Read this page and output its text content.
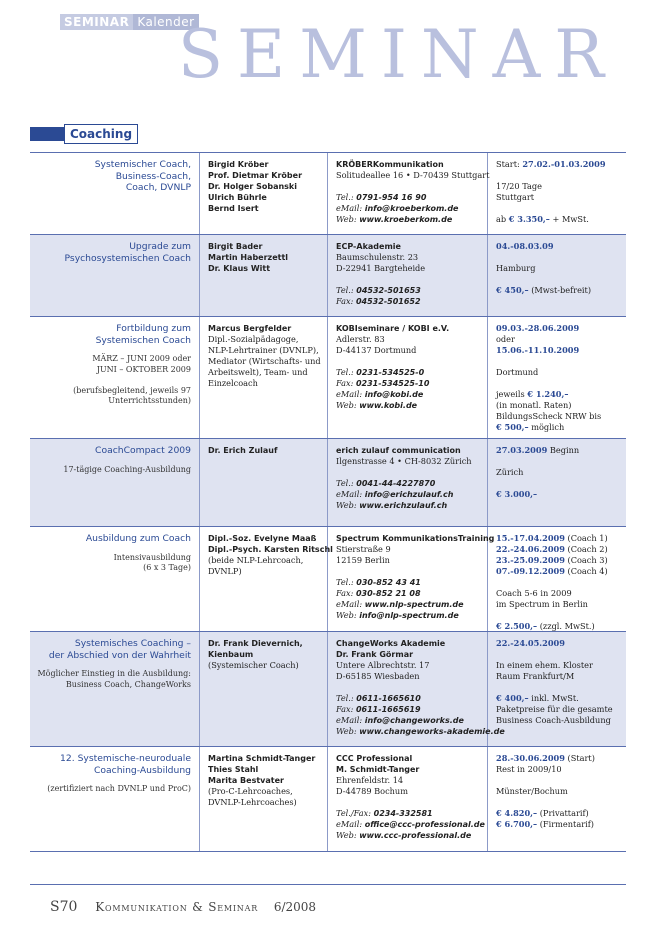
SEMINAR Kalender
SEMINAR
Coaching
Systemischer Coach,
Business-Coach,
Coach, DVNLP
Birgid Kröber
Prof. Dietmar Kröber
Dr. Holger Sobanski
Ulrich Bührle
Bernd Isert
KRÖBERKommunikation
Solitudeallee 16 • D-70439 Stuttgart
Tel.: 0791-954 16 90
eMail: info@kroeberkom.de
Web: www.kroeberkom.de
Start: 27.02.-01.03.2009
17/20 Tage
Stuttgart
ab € 3.350,– + MwSt.
Upgrade zum
Psychosystemischen Coach
Birgit Bader
Martin Haberzettl
Dr. Klaus Witt
ECP-Akademie
Baumschulenstr. 23
D-22941 Bargteheide
Tel.: 04532-501653
Fax: 04532-501652
04.-08.03.09
Hamburg
€ 450,– (Mwst-befreit)
Fortbildung zum
Systemischen Coach
MÄRZ – JUNI 2009 oder
JUNI – OKTOBER 2009
(berufsbegleitend, jeweils 97
Unterrichtsstunden)
Marcus Bergfelder
Dipl.-Sozialpädagoge,
NLP-Lehrtrainer (DVNLP),
Mediator (Wirtschafts- und
Arbeitswelt), Team- und
Einzelcoach
KOBIseminare / KOBI e.V.
Adlerstr. 83
D-44137 Dortmund
Tel.: 0231-534525-0
Fax: 0231-534525-10
eMail: info@kobi.de
Web: www.kobi.de
09.03.-28.06.2009
oder
15.06.-11.10.2009
Dortmund
jeweils € 1.240,–
(in monatl. Raten)
BildungsScheck NRW bis
€ 500,– möglich
CoachCompact 2009
17-tägige Coaching-Ausbildung
Dr. Erich Zulauf	erich zulauf communication
Ilgenstrasse 4 • CH-8032 Zürich
Tel.: 0041-44-4227870
eMail: info@erichzulauf.ch
Web: www.erichzulauf.ch
27.03.2009 Beginn
Zürich
€ 3.000,–
Ausbildung zum Coach
Intensivausbildung
(6 x 3 Tage)
Dipl.-Soz. Evelyne Maaß
Dipl.-Psych. Karsten Ritschl
(beide NLP-Lehrcoach,
DVNLP)
Spectrum KommunikationsTraining
Stierstraße 9
12159 Berlin
Tel.: 030-852 43 41
Fax: 030-852 21 08
eMail: www.nlp-spectrum.de
Web: info@nlp-spectrum.de
15.-17.04.2009 (Coach 1)
22.-24.06.2009 (Coach 2)
23.-25.09.2009 (Coach 3)
07.-09.12.2009 (Coach 4)
Coach 5-6 in 2009
im Spectrum in Berlin
€ 2.500,– (zzgl. MwSt.)
Systemisches Coaching –
der Abschied von der Wahrheit
Möglicher Einstieg in die Ausbildung:
Business Coach, ChangeWorks
Dr. Frank Dievernich,
Kienbaum
(Systemischer Coach)
ChangeWorks Akademie
Dr. Frank Görmar
Untere Albrechtstr. 17
D-65185 Wiesbaden
Tel.: 0611-1665610
Fax: 0611-1665619
eMail: info@changeworks.de
Web: www.changeworks-akademie.de
22.-24.05.2009
In einem ehem. Kloster
Raum Frankfurt/M
€ 400,– inkl. MwSt.
Paketpreise für die gesamte
Business Coach-Ausbildung
12. Systemische-neuroduale
Coaching-Ausbildung
(zertifiziert nach DVNLP und ProC)
Martina Schmidt-Tanger
Thies Stahl
Marita Bestvater
(Pro-C-Lehrcoaches,
DVNLP-Lehrcoaches)
CCC Professional
M. Schmidt-Tanger
Ehrenfeldstr. 14
D-44789 Bochum
Tel./Fax: 0234-332581
eMail: office@ccc-professional.de
Web: www.ccc-professional.de
28.-30.06.2009 (Start)
Rest in 2009/10
Münster/Bochum
€ 4.820,– (Privattarif)
€ 6.700,– (Firmentarif)
S70 Kommunikation & Seminar 6/2008
